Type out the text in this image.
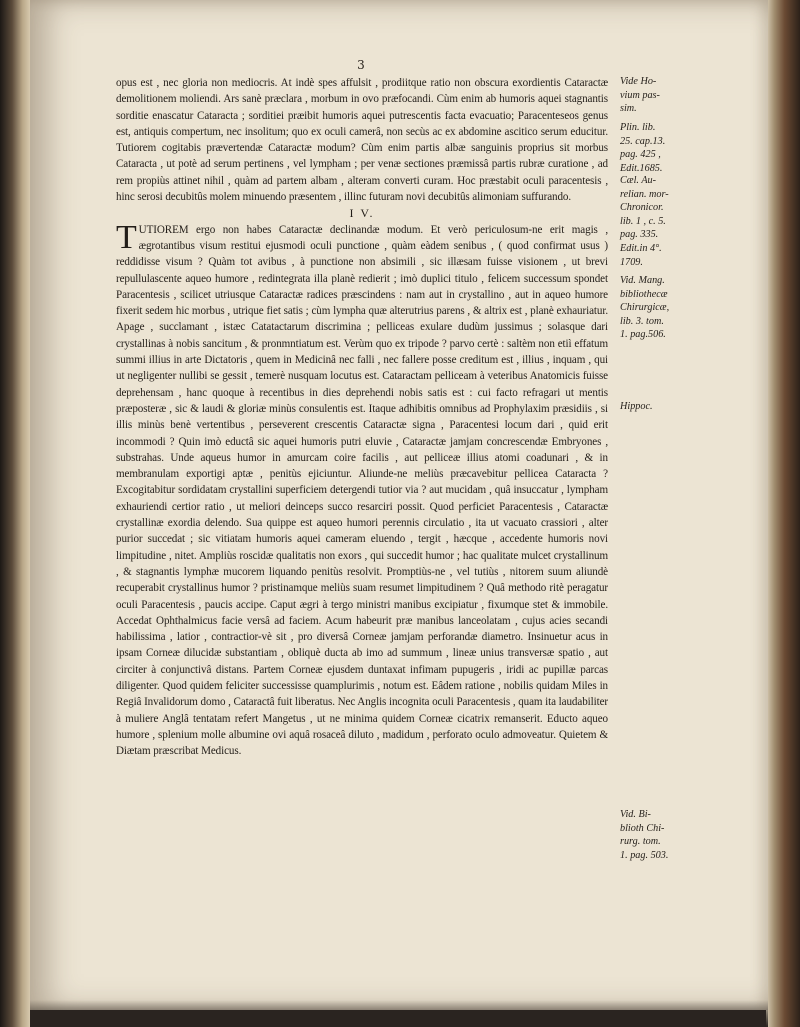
3

opus est , nec gloria non mediocris. At indè spes affulsit , prodiitque ratio non obscura exordientis Cataractæ demolitionem moliendi. Ars sanè præclara , morbum in ovo præfocandi. Cùm enim ab humoris aquei stagnantis sorditie enascatur Cataracta ; sorditiei præibit humoris aquei putrescentis facta evacuatio; Paracenteseos genus est, antiquis compertum, nec insolitum; quo ex oculi camerâ, non secùs ac ex abdomine ascitico serum educitur. Tutiorem cogitabis prævertendæ Cataractæ modum? Cùm enim partis albæ sanguinis proprius sit morbus Cataracta , ut potè ad serum pertinens , vel lympham ; per venæ sectiones præmissâ partis rubræ curatione , ad rem propiùs attinet nihil , quàm ad partem albam , alteram converti curam. Hoc præstabit oculi paracentesis , hinc serosi decubitûs molem minuendo præsentem , illinc futuram novi decubitûs alimoniam suffurando.

I V.

TUTIOREM ergo non habes Cataractæ declinandæ modum. Et verò periculosum-ne erit magis , ægrotantibus visum restitui ejusmodi oculi punctione , quàm eàdem senibus , ( quod confirmat usus ) reddidisse visum ? Quàm tot avibus , à punctione non absimili , sic illæsam fuisse visionem , ut brevi repullulascente aqueo humore , redintegrata illa planè redierit ; imò duplici titulo , felicem successum spondet Paracentesis , scilicet utriusque Cataractæ radices præscindens : nam aut in crystallino , aut in aqueo humore fixerit sedem hic morbus , utrique fiet satis ; cùm lympha quæ alterutrius parens , & altrix est , planè exhauriatur. Apage , succlamant , istæc Catatactarum discrimina ; pelliceas exulare dudùm jussimus ; solasque dari crystallinas à nobis sancitum , & pronmntiatum est. Verùm quo ex tripode ? parvo certè : saltèm non etiì effatum summi illius in arte Dictatoris , quem in Medicinâ nec falli , nec fallere posse creditum est , illius , inquam , qui ut negligenter nullibi se gessit , temerè nusquam locutus est. Cataractam pelliceam à veteribus Anatomicis fuisse deprehensam , hanc quoque à recentibus in dies deprehendi nobis satis est : cui facto refragari ut mentis præposteræ , sic & laudi & gloriæ minùs consulentis est. Itaque adhibitis omnibus ad Prophylaxim præsidiis , si illis minùs benè vertentibus , perseverent crescentis Cataractæ signa , Paracentesi locum dari , quid erit incommodi ? Quin imò eductâ sic aquei humoris putri eluvie , Cataractæ jamjam concrescendæ Embryones , substrahas. Unde aqueus humor in amurcam coire facilis , aut pelliceæ illius atomi coadunari , & in membranulam exportigi aptæ , penitùs ejiciuntur. Aliunde-ne meliùs præcavebitur pellicea Cataracta ? Excogitabitur sordidatam crystallini superficiem detergendi tutior via ? aut mucidam , quâ insuccatur , lympham exhauriendi certior ratio , ut meliori deinceps succo resarciri possit. Quod perficiet Paracentesis , Cataractæ crystallinæ exordia delendo. Sua quippe est aqueo humori perennis circulatio , ita ut vacuato crassiori , alter purior succedat ; sic vitiatam humoris aquei cameram eluendo , tergit , hæcque , accedente humoris novi limpitudine , nitet. Ampliùs roscidæ qualitatis non exors , qui succedit humor ; hac qualitate mulcet crystallinum , & stagnantis lymphæ mucorem liquando penitùs resolvit. Promptiùs-ne , vel tutiùs , nitorem suum aliundè recuperabit crystallinus humor ? pristinamque meliùs suam resumet limpitudinem ? Quâ methodo ritè peragatur oculi Paracentesis , paucis accipe. Caput ægri à tergo ministri manibus excipiatur , fixumque stet & immobile. Accedat Ophthalmicus facie versâ ad faciem. Acum habeurit præ manibus lanceolatam , cujus acies secandi habilissima , latior , contractior-vè sit , pro diversâ Corneæ jamjam perforandæ diametro. Insinuetur acus in ipsam Corneæ dilucidæ substantiam , obliquè ducta ab imo ad summum , lineæ unius transversæ spatio , aut circiter à conjunctivâ distans. Partem Corneæ ejusdem duntaxat infimam pupugeris , iridi ac pupillæ parcas diligenter. Quod quidem feliciter successisse quamplurimis , notum est. Eâdem ratione , nobilis quidam Miles in Regiâ Invalidorum domo , Cataractâ fuit liberatus. Nec Anglis incognita oculi Paracentesis , quam ita laudabiliter à muliere Anglâ tentatam refert Mangetus , ut ne minima quidem Corneæ cicatrix remanserit. Educto aqueo humore , splenium molle albumine ovi aquâ rosaceâ diluto , madidum , perforato oculo admoveatur. Quietem & Diætam præscribat Medicus.

Vide Ho-
vium pas-
sim.
Plin. lib.
25. cap.13.
pag. 425 ,
Edit.1685.
Cæl. Au-
relian. mor-
Chronicor.
lib. 1 , c. 5.
pag. 335.
Edit.in 4°.
1709.
Vid. Mang.
bibliothecæ
Chirurgicæ,
lib. 3. tom.
1. pag.506.
Hippoc.
Vid. Bi-
blioth Chi-
rurg. tom.
1. pag. 503.
